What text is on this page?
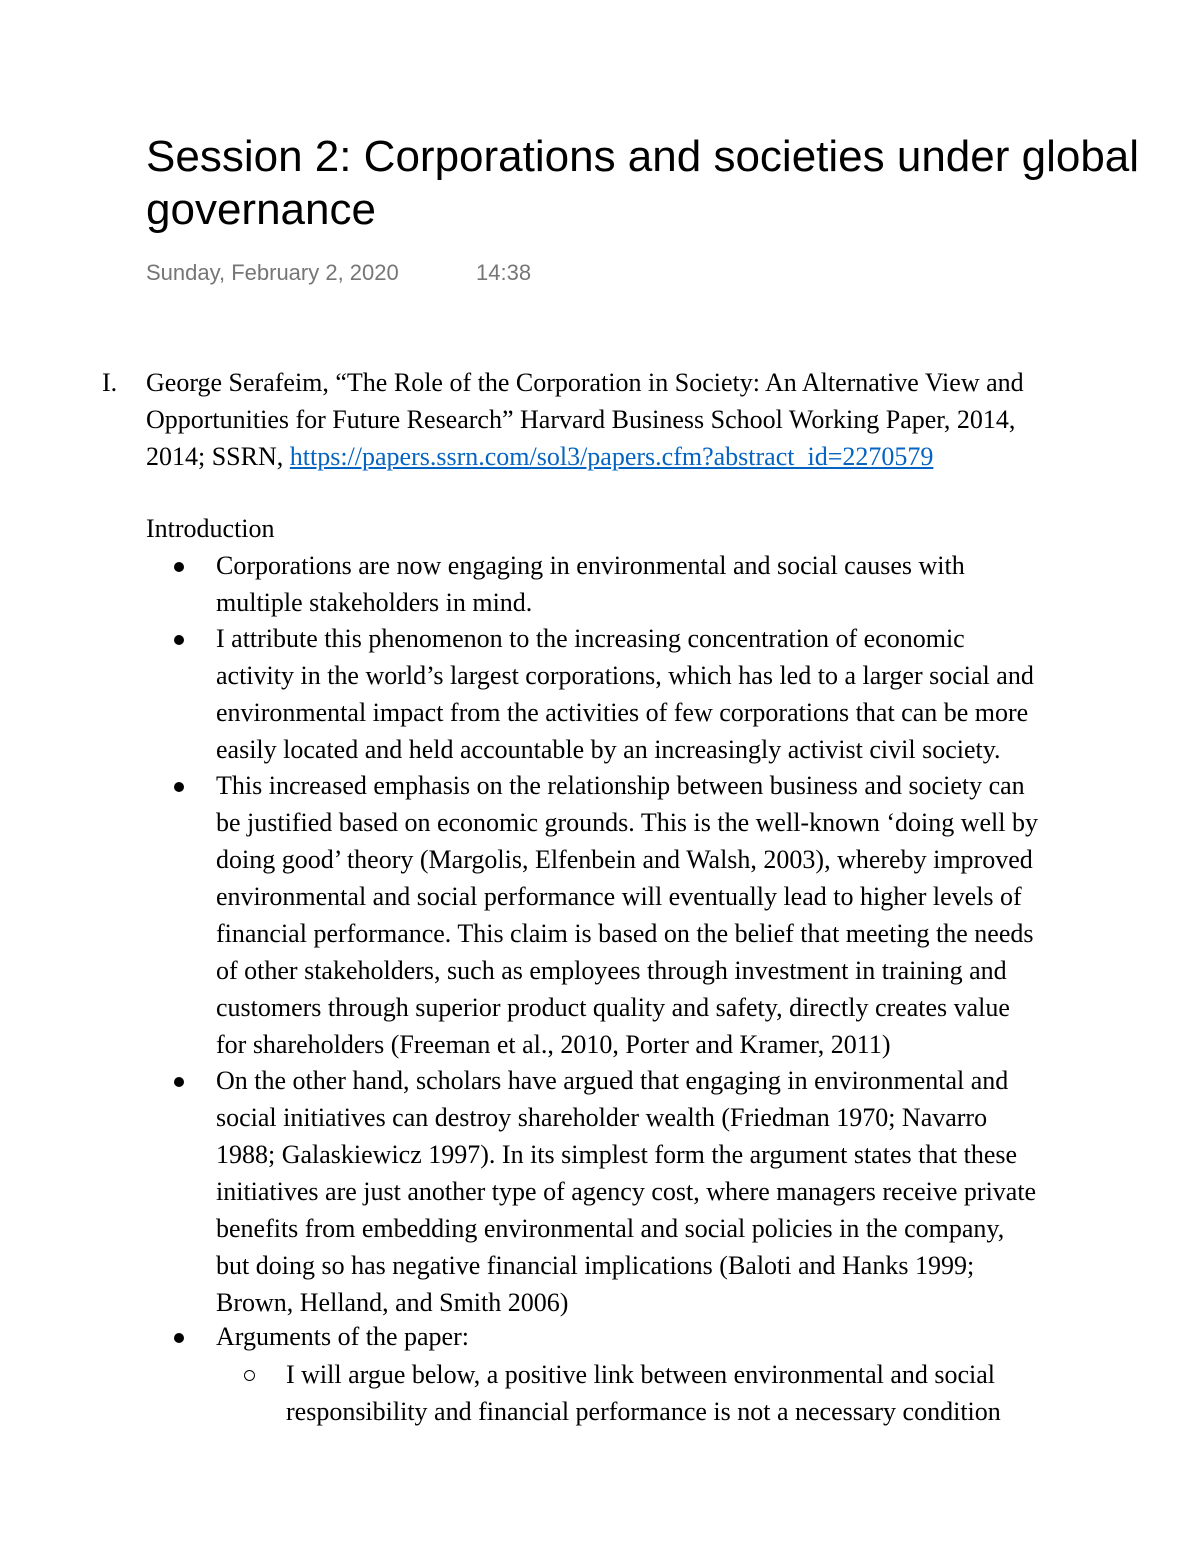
Session 2: Corporations and societies under global
governance
Sunday, February 2, 2020	14:38
I. George Serafeim, “The Role of the Corporation in Society: An Alternative View and
Opportunities for Future Research” Harvard Business School Working Paper, 2014,
2014; SSRN, https://papers.ssrn.com/sol3/papers.cfm?abstract_id=2270579
Introduction
Corporations are now engaging in environmental and social causes with
multiple stakeholders in mind.
I attribute this phenomenon to the increasing concentration of economic
activity in the world’s largest corporations, which has led to a larger social and
environmental impact from the activities of few corporations that can be more
easily located and held accountable by an increasingly activist civil society.
This increased emphasis on the relationship between business and society can
be justified based on economic grounds. This is the well-known ‘doing well by
doing good’ theory (Margolis, Elfenbein and Walsh, 2003), whereby improved
environmental and social performance will eventually lead to higher levels of
financial performance. This claim is based on the belief that meeting the needs
of other stakeholders, such as employees through investment in training and
customers through superior product quality and safety, directly creates value
for shareholders (Freeman et al., 2010, Porter and Kramer, 2011)
On the other hand, scholars have argued that engaging in environmental and
social initiatives can destroy shareholder wealth (Friedman 1970; Navarro
1988; Galaskiewicz 1997). In its simplest form the argument states that these
initiatives are just another type of agency cost, where managers receive private
benefits from embedding environmental and social policies in the company,
but doing so has negative financial implications (Baloti and Hanks 1999;
Brown, Helland, and Smith 2006)
Arguments of the paper:
I will argue below, a positive link between environmental and social
responsibility and financial performance is not a necessary condition
